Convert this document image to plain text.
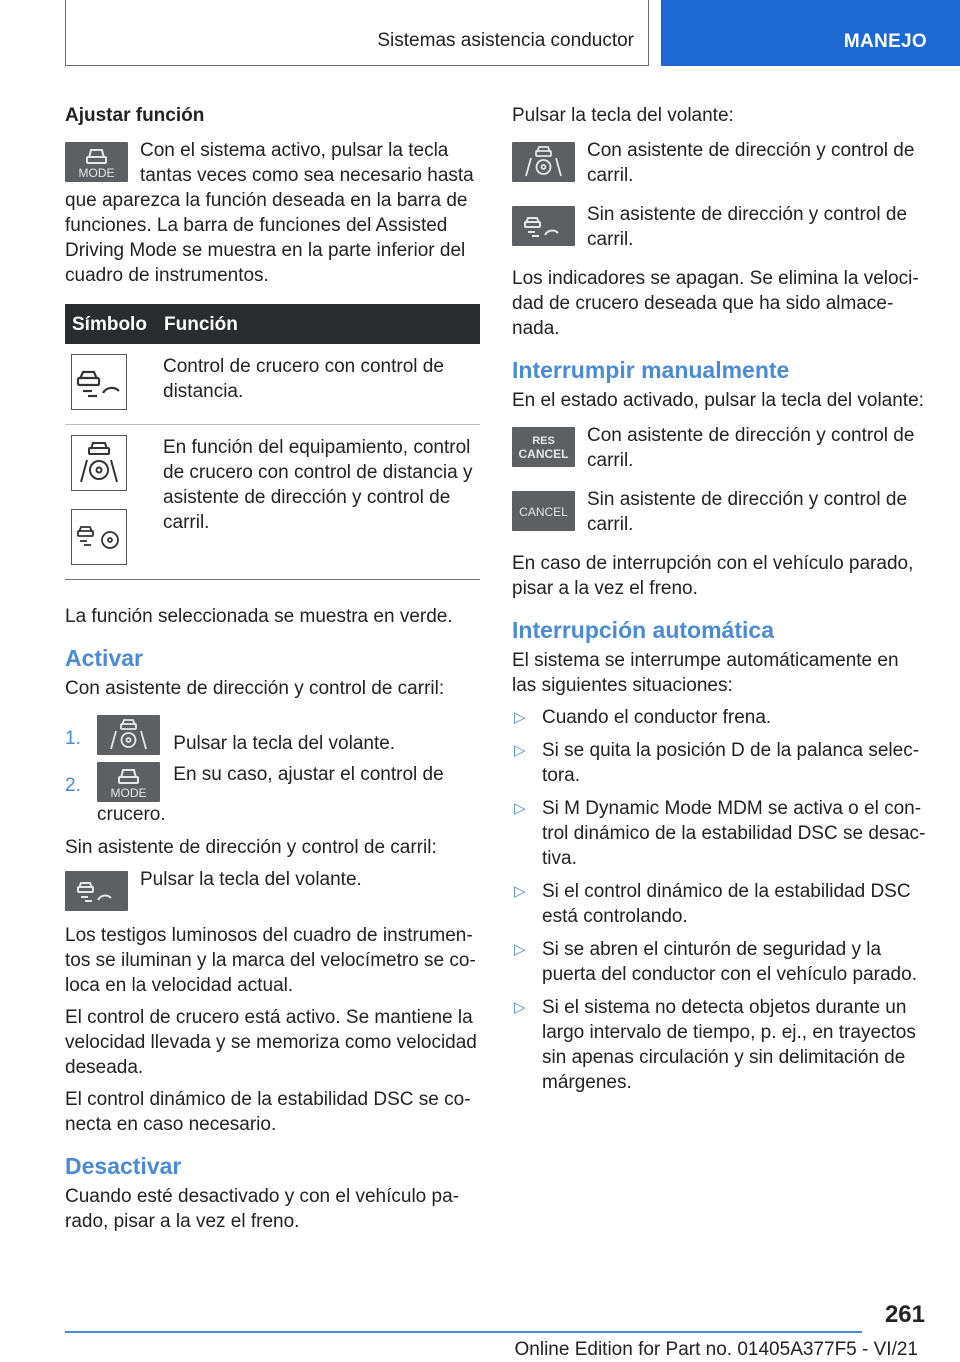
Sistemas asistencia conductor	MANEJO
Ajustar función
MODE
Con el sistema activo, pulsar la tecla tantas veces como sea necesario hasta que aparezca la función deseada en la barra de funciones. La barra de funciones del Assisted Driving Mode se muestra en la parte inferior del cuadro de instrumentos.
Símbolo	Función

	Control de crucero con control de distancia.

	En función del equipamiento, control de crucero con control de distancia y asistente de dirección y control de carril.

La función seleccionada se muestra en verde.

Activar

Con asistente de dirección y control de carril:

1.	Pulsar la tecla del volante.
2. MODE
En su caso, ajustar el control de crucero.

Sin asistente de dirección y control de carril:

Pulsar la tecla del volante.

Los testigos luminosos del cuadro de instrumentos se iluminan y la marca del velocímetro se coloca en la velocidad actual.

El control de crucero está activo. Se mantiene la velocidad llevada y se memoriza como velocidad deseada.

El control dinámico de la estabilidad DSC se conecta en caso necesario.

Desactivar

Cuando esté desactivado y con el vehículo parado, pisar a la vez el freno.

Pulsar la tecla del volante:

Con asistente de dirección y control de carril.
Sin asistente de dirección y control de carril.

Los indicadores se apagan. Se elimina la velocidad de crucero deseada que ha sido almacenada.

Interrumpir manualmente

En el estado activado, pulsar la tecla del volante:

RES
CANCEL
Con asistente de dirección y control de carril.
CANCEL
Sin asistente de dirección y control de carril.

En caso de interrupción con el vehículo parado, pisar a la vez el freno.

Interrupción automática

El sistema se interrumpe automáticamente en las siguientes situaciones:

▷ Cuando el conductor frena.
▷ Si se quita la posición D de la palanca selectora.
▷ Si M Dynamic Mode MDM se activa o el control dinámico de la estabilidad DSC se desactiva.
▷ Si el control dinámico de la estabilidad DSC está controlando.
▷ Si se abren el cinturón de seguridad y la puerta del conductor con el vehículo parado.
▷ Si el sistema no detecta objetos durante un largo intervalo de tiempo, p. ej., en trayectos sin apenas circulación y sin delimitación de márgenes.
261
Online Edition for Part no. 01405A377F5 - VI/21
